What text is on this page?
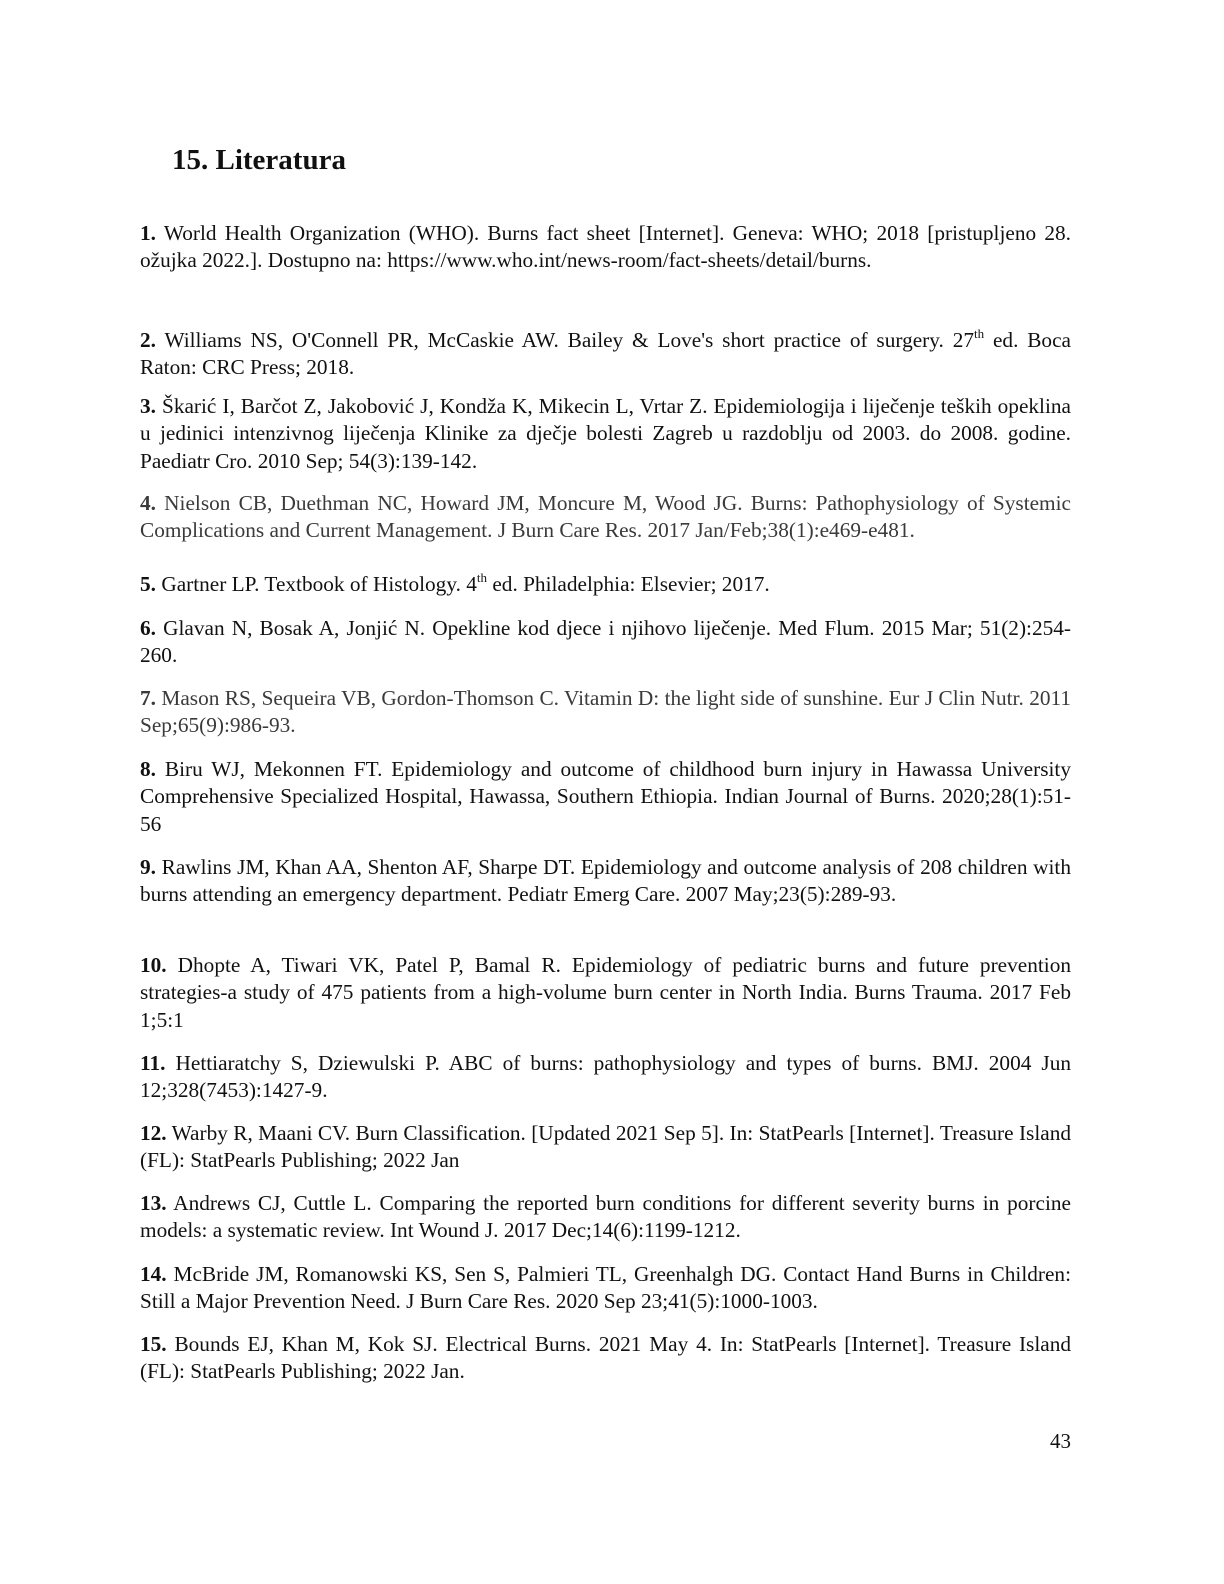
15. Literatura

1. World Health Organization (WHO). Burns fact sheet [Internet]. Geneva: WHO; 2018 [pristupljeno 28. ožujka 2022.]. Dostupno na: https://www.who.int/news-room/fact-sheets/detail/burns.

2. Williams NS, O'Connell PR, McCaskie AW. Bailey & Love's short practice of surgery. 27th ed. Boca Raton: CRC Press; 2018.

3. Škarić I, Barčot Z, Jakobović J, Kondža K, Mikecin L, Vrtar Z. Epidemiologija i liječenje teških opeklina u jedinici intenzivnog liječenja Klinike za dječje bolesti Zagreb u razdoblju od 2003. do 2008. godine. Paediatr Cro. 2010 Sep; 54(3):139-142.

4. Nielson CB, Duethman NC, Howard JM, Moncure M, Wood JG. Burns: Pathophysiology of Systemic Complications and Current Management. J Burn Care Res. 2017 Jan/Feb;38(1):e469-e481.

5. Gartner LP. Textbook of Histology. 4th ed. Philadelphia: Elsevier; 2017.

6. Glavan N, Bosak A, Jonjić N. Opekline kod djece i njihovo liječenje. Med Flum. 2015 Mar; 51(2):254-260.

7. Mason RS, Sequeira VB, Gordon-Thomson C. Vitamin D: the light side of sunshine. Eur J Clin Nutr. 2011 Sep;65(9):986-93.

8. Biru WJ, Mekonnen FT. Epidemiology and outcome of childhood burn injury in Hawassa University Comprehensive Specialized Hospital, Hawassa, Southern Ethiopia. Indian Journal of Burns. 2020;28(1):51-56

9. Rawlins JM, Khan AA, Shenton AF, Sharpe DT. Epidemiology and outcome analysis of 208 children with burns attending an emergency department. Pediatr Emerg Care. 2007 May;23(5):289-93.

10. Dhopte A, Tiwari VK, Patel P, Bamal R. Epidemiology of pediatric burns and future prevention strategies-a study of 475 patients from a high-volume burn center in North India. Burns Trauma. 2017 Feb 1;5:1

11. Hettiaratchy S, Dziewulski P. ABC of burns: pathophysiology and types of burns. BMJ. 2004 Jun 12;328(7453):1427-9.

12. Warby R, Maani CV. Burn Classification. [Updated 2021 Sep 5]. In: StatPearls [Internet]. Treasure Island (FL): StatPearls Publishing; 2022 Jan

13. Andrews CJ, Cuttle L. Comparing the reported burn conditions for different severity burns in porcine models: a systematic review. Int Wound J. 2017 Dec;14(6):1199-1212.

14. McBride JM, Romanowski KS, Sen S, Palmieri TL, Greenhalgh DG. Contact Hand Burns in Children: Still a Major Prevention Need. J Burn Care Res. 2020 Sep 23;41(5):1000-1003.

15. Bounds EJ, Khan M, Kok SJ. Electrical Burns. 2021 May 4. In: StatPearls [Internet]. Treasure Island (FL): StatPearls Publishing; 2022 Jan.

43
